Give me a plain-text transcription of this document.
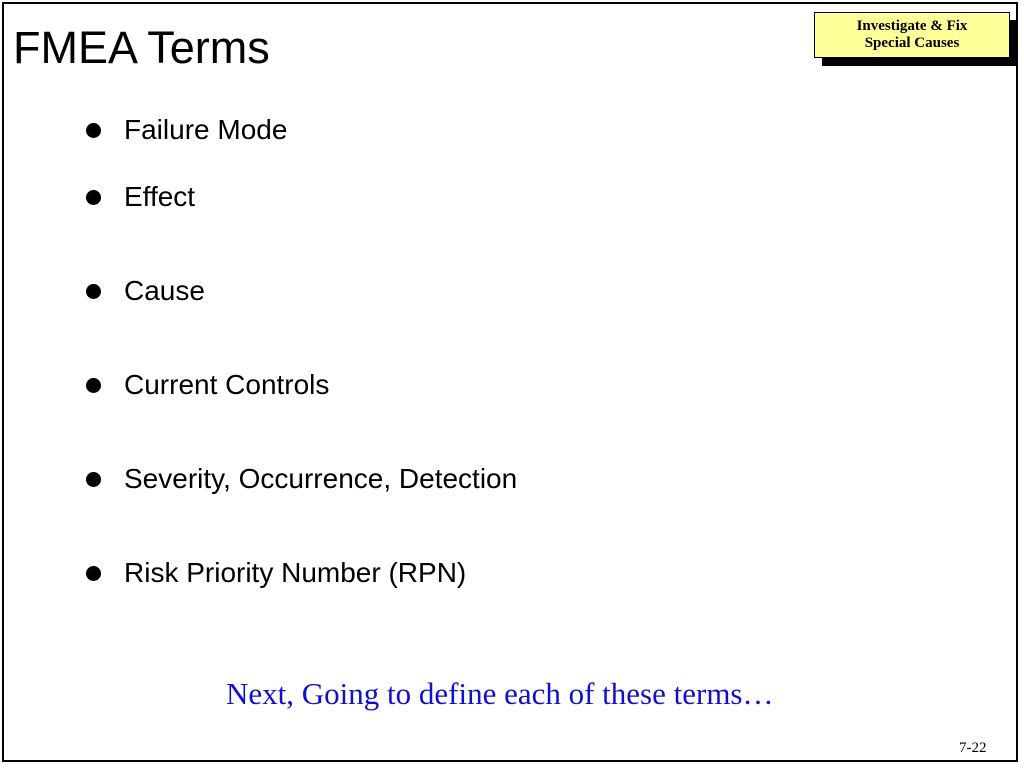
FMEA Terms	Investigate & Fix
Special Causes
Failure Mode
Effect
Cause
Current Controls
Severity, Occurrence, Detection
Risk Priority Number (RPN)
Next, Going to define each of these terms…
7-22
